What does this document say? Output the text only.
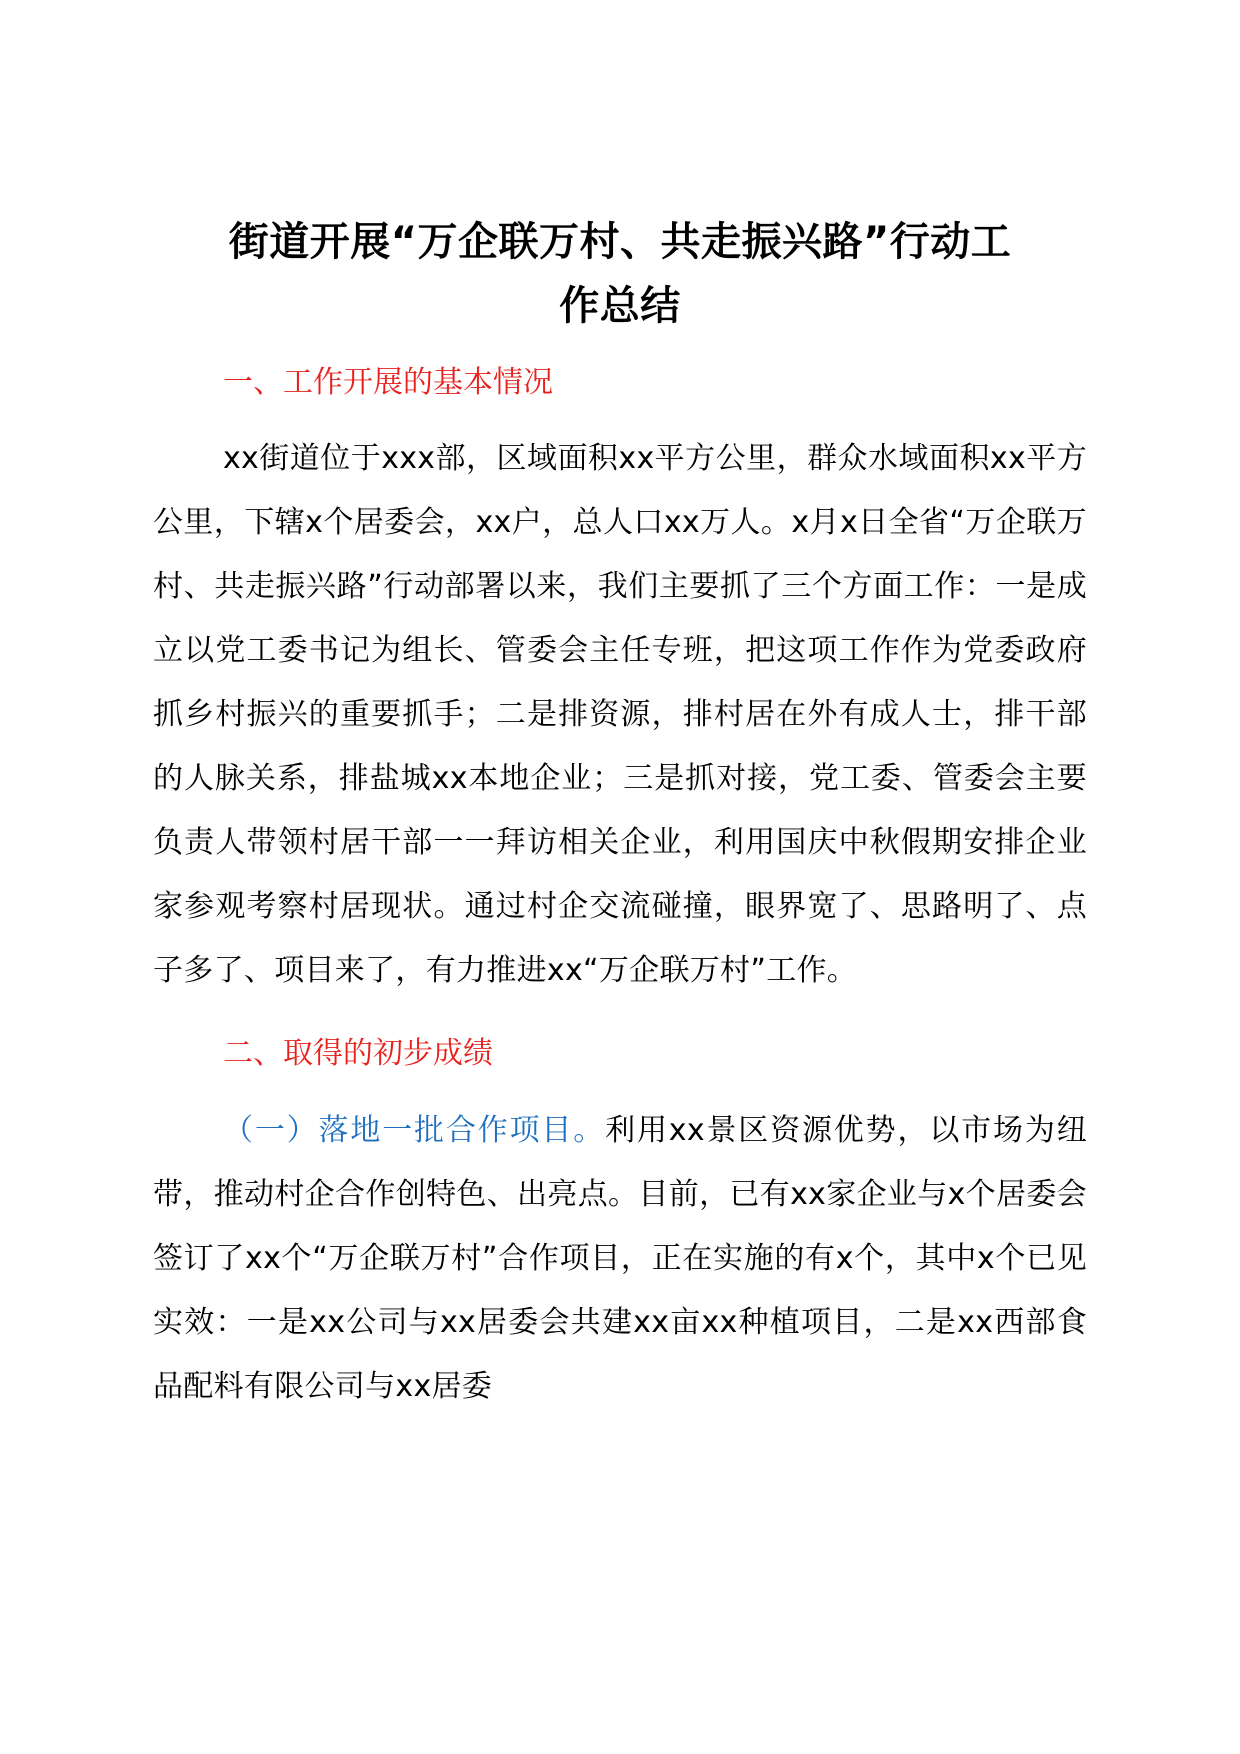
街道开展“万企联万村、共走振兴路”行动工
作总结
一、工作开展的基本情况

xx街道位于xxx部，区域面积xx平方公里，群众水域面积xx平方公里，下辖x个居委会，xx户，总人口xx万人。x月x日全省“万企联万村、共走振兴路”行动部署以来，我们主要抓了三个方面工作：一是成立以党工委书记为组长、管委会主任专班，把这项工作作为党委政府抓乡村振兴的重要抓手；二是排资源，排村居在外有成人士，排干部的人脉关系，排盐城xx本地企业；三是抓对接，党工委、管委会主要负责人带领村居干部一一拜访相关企业，利用国庆中秋假期安排企业家参观考察村居现状。通过村企交流碰撞，眼界宽了、思路明了、点子多了、项目来了，有力推进xx“万企联万村”工作。

二、取得的初步成绩

（一）落地一批合作项目。利用xx景区资源优势，以市场为纽带，推动村企合作创特色、出亮点。目前，已有xx家企业与x个居委会签订了xx个“万企联万村”合作项目，正在实施的有x个，其中x个已见实效：一是xx公司与xx居委会共建xx亩xx种植项目，二是xx西部食品配料有限公司与xx居委
